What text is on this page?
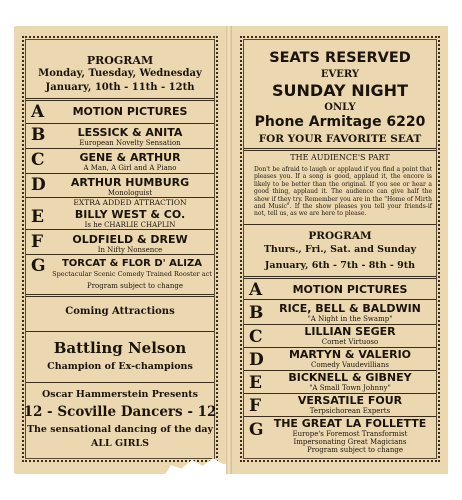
PROGRAM
Monday, Tuesday, Wednesday
January, 10th - 11th - 12th
A	MOTION PICTURES
B	LESSICK & ANITA
European Novelty Sensation
C	GENE & ARTHUR
A Man, A Girl and A Piano
D	ARTHUR HUMBURG
Monologuist
EXTRA ADDED ATTRACTION
E	BILLY WEST & CO.
Is he CHARLIE CHAPLIN
F	OLDFIELD & DREW
In Nifty Nonsence
G	TORCAT & FLOR D' ALIZA
Spectacular Scenic Comedy Trained Rooster act
Program subject to change
Coming Attractions
Battling Nelson
Champion of Ex-champions
Oscar Hammerstein Presents
12 - Scoville Dancers - 12
The sensational dancing of the day
ALL GIRLS
SEATS RESERVED
EVERY
SUNDAY NIGHT
ONLY
Phone Armitage 6220
FOR YOUR FAVORITE SEAT
THE AUDIENCE'S PART
Don't be afraid to laugh or applaud if you find a point that pleases you. If a song is good, applaud it, the encore is likely to be better than the original. If you see or hear a good thing, applaud it. The audience can give half the show if they try. Remember you are in the "Home of Mirth and Music". If the show pleases you tell your friends-if not, tell us, as we are here to please.
PROGRAM
Thurs., Fri., Sat. and Sunday
January, 6th - 7th - 8th - 9th
A	MOTION PICTURES
B	RICE, BELL & BALDWIN
"A Night in the Swamp"
C	LILLIAN SEGER
Cornet Virtuoso
D	MARTYN & VALERIO
Comedy Vaudevillians
E	BICKNELL & GIBNEY
"A Small Town Johnny"
F	VERSATILE FOUR
Terpsichorean Experts
G THE GREAT LA FOLLETTE
Europe's Foremost Transformist Impersonating Great Magicians
Program subject to change
